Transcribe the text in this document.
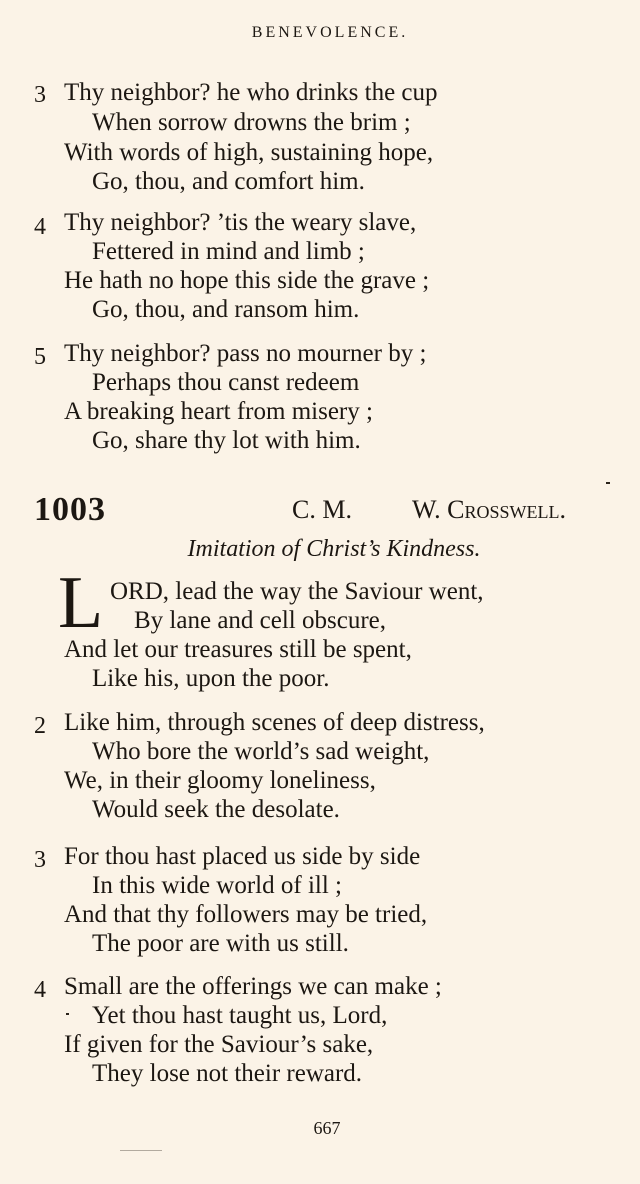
BENEVOLENCE.
3 Thy neighbor? he who drinks the cup
When sorrow drowns the brim ;
With words of high, sustaining hope,
Go, thou, and comfort him.
4 Thy neighbor? ’tis the weary slave,
Fettered in mind and limb ;
He hath no hope this side the grave ;
Go, thou, and ransom him.
5 Thy neighbor? pass no mourner by ;
Perhaps thou canst redeem
A breaking heart from misery ;
Go, share thy lot with him.
1003	C. M. W. Crosswell.
Imitation of Christ’s Kindness.
L ORD, lead the way the Saviour went,
By lane and cell obscure,
And let our treasures still be spent,
Like his, upon the poor.
2 Like him, through scenes of deep distress,
Who bore the world’s sad weight,
We, in their gloomy loneliness,
Would seek the desolate.
3 For thou hast placed us side by side
In this wide world of ill ;
And that thy followers may be tried,
The poor are with us still.
4 Small are the offerings we can make ;
Yet thou hast taught us, Lord,
If given for the Saviour’s sake,
They lose not their reward.
667
